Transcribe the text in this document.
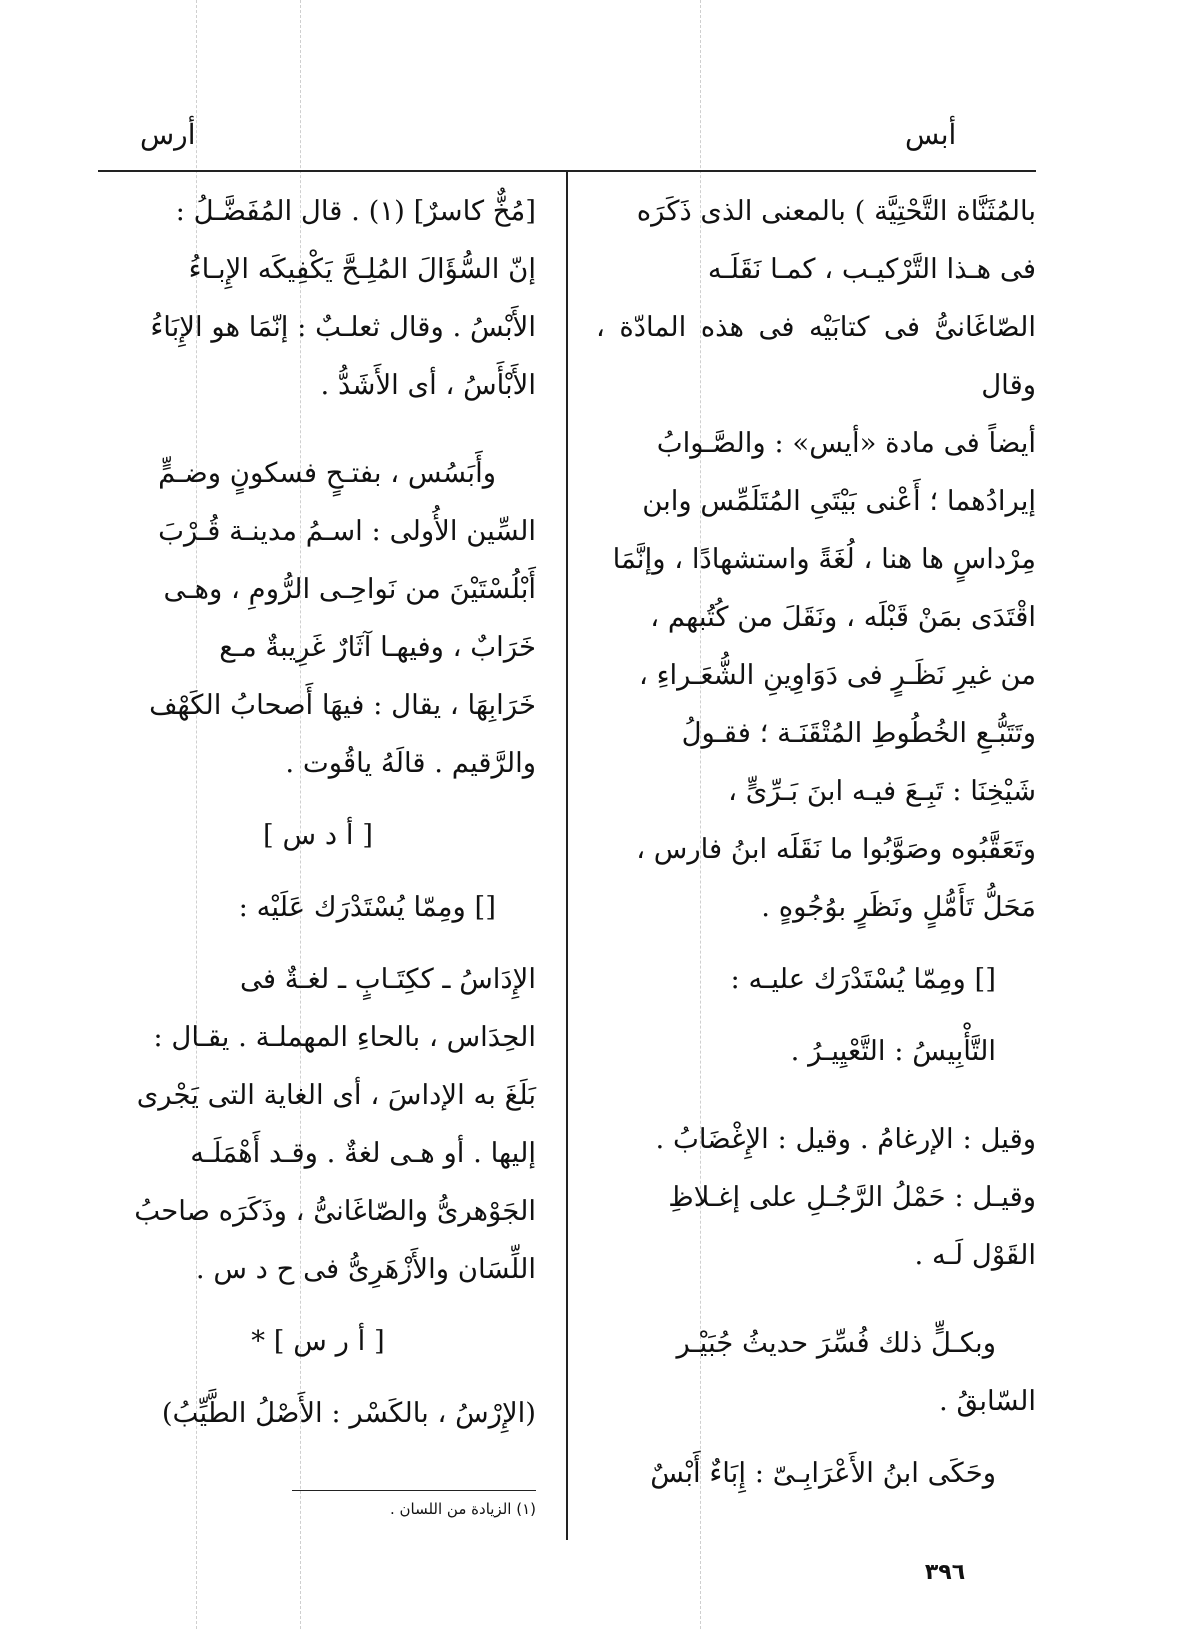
أبس
أرس

بالمُثَنَّاة التَّحْتِيَّة ) بالمعنى الذى ذَكَرَه

فى هـذا التَّرْكيـب ، كمـا نَقَلَـه

الصّاغَانىُّ فى كتابَيْه فى هذه المادّة ، وقال

أيضاً فى مادة «أيس» : والصَّـوابُ

إيرادُهما ؛ أَعْنى بَيْتَىِ المُتَلَمِّس وابن

مِرْداسٍ ها هنا ، لُغَةً واستشهادًا ، وإنَّمَا

اقْتَدَى بمَنْ قَبْلَه ، ونَقَلَ من كُتُبهم ،

من غيرِ نَظَـرٍ فى دَوَاوِينِ الشُّعَـراءِ ،

وتَتَبُّـعِ الخُطُوطِ المُتْقَنَـة ؛ فقـولُ

شَيْخِنَا : تَبِـعَ فيـه ابنَ بَـرِّىٍّ ،

وتَعَقَّبُوه وصَوَّبُوا ما نَقَلَه ابنُ فارس ،

مَحَلُّ تَأَمُّلٍ ونَظَرٍ بوُجُوهٍ .

[] ومِمّا يُسْتَدْرَك عليـه :

التَّأْبِيسُ : التَّعْيِيـرُ .

وقيل : الإرغامُ . وقيل : الإِغْضَابُ .

وقيـل : حَمْلُ الرَّجُـلِ على إغـلاظِ

القَوْل لَـه .

وبكـلٍّ ذلك فُسِّرَ حديثُ جُبَيْـر

السّابقُ .

وحَكَى ابنُ الأَعْرَابِـىّ : إِبَاءٌ أَبْسٌ

[مُخٌّ كاسرٌ] (١) . قال المُفَضَّـلُ :

إنّ السُّؤَالَ المُلِـحَّ يَكْفِيكَه الإِبـاءُ

الأَبْسُ . وقال ثعلـبٌ : إنّمَا هو الإِبَاءُ

الأَبْأَسُ ، أى الأَشَدُّ .

وأَبَسُس ، بفتـحٍ فسكونٍ وضـمٍّ

السِّين الأُولى : اسـمُ مدينـة قُـرْبَ

أَبْلُسْتَيْنَ من نَواحِـى الرُّومِ ، وهـى

خَرَابٌ ، وفيهـا آثَارٌ غَرِيبةٌ مـع

خَرَابِهَا ، يقال : فيهَا أَصحابُ الكَهْف

والرَّقيم . قالَهُ ياقُوت .

[ أ د س ]

[] ومِمّا يُسْتَدْرَك عَلَيْه :

الإِدَاسُ ـ ككِتَـابٍ ـ لغـةٌ فى

الحِدَاس ، بالحاءِ المهملـة . يقـال :

بَلَغَ به الإداسَ ، أى الغاية التى يَجْرى

إليها . أو هـى لغةٌ . وقـد أَهْمَلَـه

الجَوْهرىُّ والصّاغَانىُّ ، وذَكَرَه صاحبُ

اللِّسَان والأَزْهَرِىُّ فى ح د س .

[ أ ر س ] *

(الإِرْسُ ، بالكَسْر : الأَصْلُ الطَّيِّبُ)

(١) الزيادة من اللسان .
٣٩٦
